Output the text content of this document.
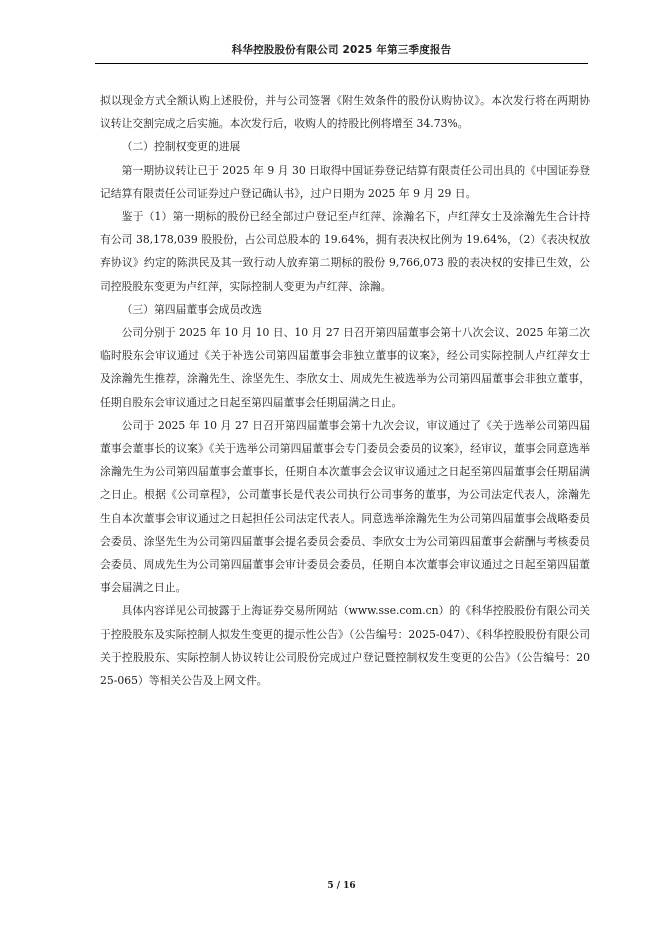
科华控股股份有限公司 2025 年第三季度报告

拟以现金方式全额认购上述股份，并与公司签署《附生效条件的股份认购协议》。本次发行将在两期协议转让交割完成之后实施。本次发行后，收购人的持股比例将增至 34.73%。

（二）控制权变更的进展

第一期协议转让已于 2025 年 9 月 30 日取得中国证券登记结算有限责任公司出具的《中国证券登记结算有限责任公司证券过户登记确认书》，过户日期为 2025 年 9 月 29 日。

鉴于（1）第一期标的股份已经全部过户登记至卢红萍、涂瀚名下，卢红萍女士及涂瀚先生合计持有公司 38,178,039 股股份，占公司总股本的 19.64%，拥有表决权比例为 19.64%，（2）《表决权放弃协议》约定的陈洪民及其一致行动人放弃第二期标的股份 9,766,073 股的表决权的安排已生效，公司控股股东变更为卢红萍，实际控制人变更为卢红萍、涂瀚。

（三）第四届董事会成员改选

公司分别于 2025 年 10 月 10 日、10 月 27 日召开第四届董事会第十八次会议、2025 年第二次临时股东会审议通过《关于补选公司第四届董事会非独立董事的议案》，经公司实际控制人卢红萍女士及涂瀚先生推荐，涂瀚先生、涂坚先生、李欣女士、周成先生被选举为公司第四届董事会非独立董事，任期自股东会审议通过之日起至第四届董事会任期届满之日止。

公司于 2025 年 10 月 27 日召开第四届董事会第十九次会议，审议通过了《关于选举公司第四届董事会董事长的议案》《关于选举公司第四届董事会专门委员会委员的议案》，经审议，董事会同意选举涂瀚先生为公司第四届董事会董事长，任期自本次董事会会议审议通过之日起至第四届董事会任期届满之日止。根据《公司章程》，公司董事长是代表公司执行公司事务的董事，为公司法定代表人，涂瀚先生自本次董事会审议通过之日起担任公司法定代表人。同意选举涂瀚先生为公司第四届董事会战略委员会委员、涂坚先生为公司第四届董事会提名委员会委员、李欣女士为公司第四届董事会薪酬与考核委员会委员、周成先生为公司第四届董事会审计委员会委员，任期自本次董事会审议通过之日起至第四届董事会届满之日止。

具体内容详见公司披露于上海证券交易所网站（www.sse.com.cn）的《科华控股股份有限公司关于控股股东及实际控制人拟发生变更的提示性公告》（公告编号：2025-047）、《科华控股股份有限公司关于控股股东、实际控制人协议转让公司股份完成过户登记暨控制权发生变更的公告》（公告编号：2025-065）等相关公告及上网文件。

5 / 16
